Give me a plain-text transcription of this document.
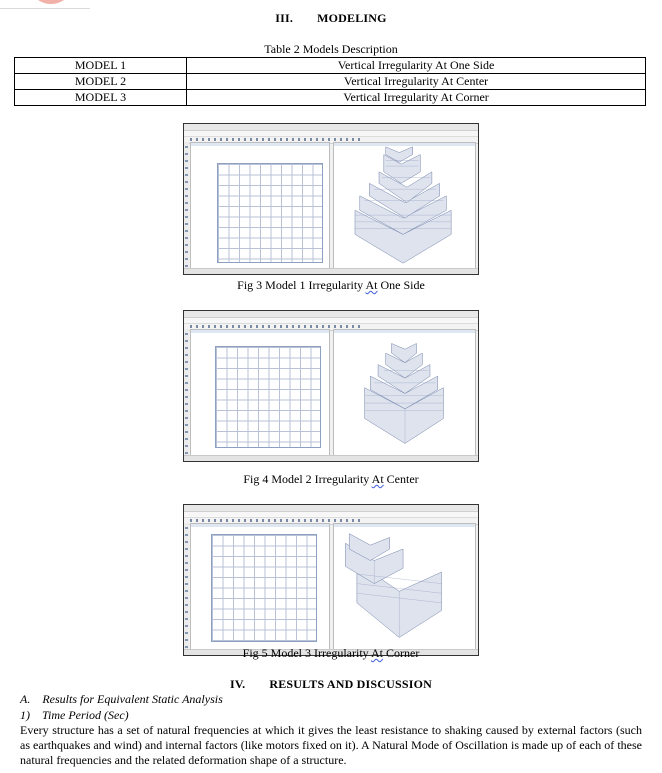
III. MODELING
Table 2 Models Description
MODEL 1	Vertical Irregularity At One Side
MODEL 2	Vertical Irregularity At Center
MODEL 3	Vertical Irregularity At Corner
Fig 3 Model 1 Irregularity At One Side
Fig 4 Model 2 Irregularity At Center
Fig 5 Model 3 Irregularity At Corner
IV. RESULTS AND DISCUSSION
A.    Results for Equivalent Static Analysis
1)    Time Period (Sec)
Every structure has a set of natural frequencies at which it gives the least resistance to shaking caused by external factors (such as earthquakes and wind) and internal factors (like motors fixed on it). A Natural Mode of Oscillation is made up of each of these natural frequencies and the related deformation shape of a structure.
